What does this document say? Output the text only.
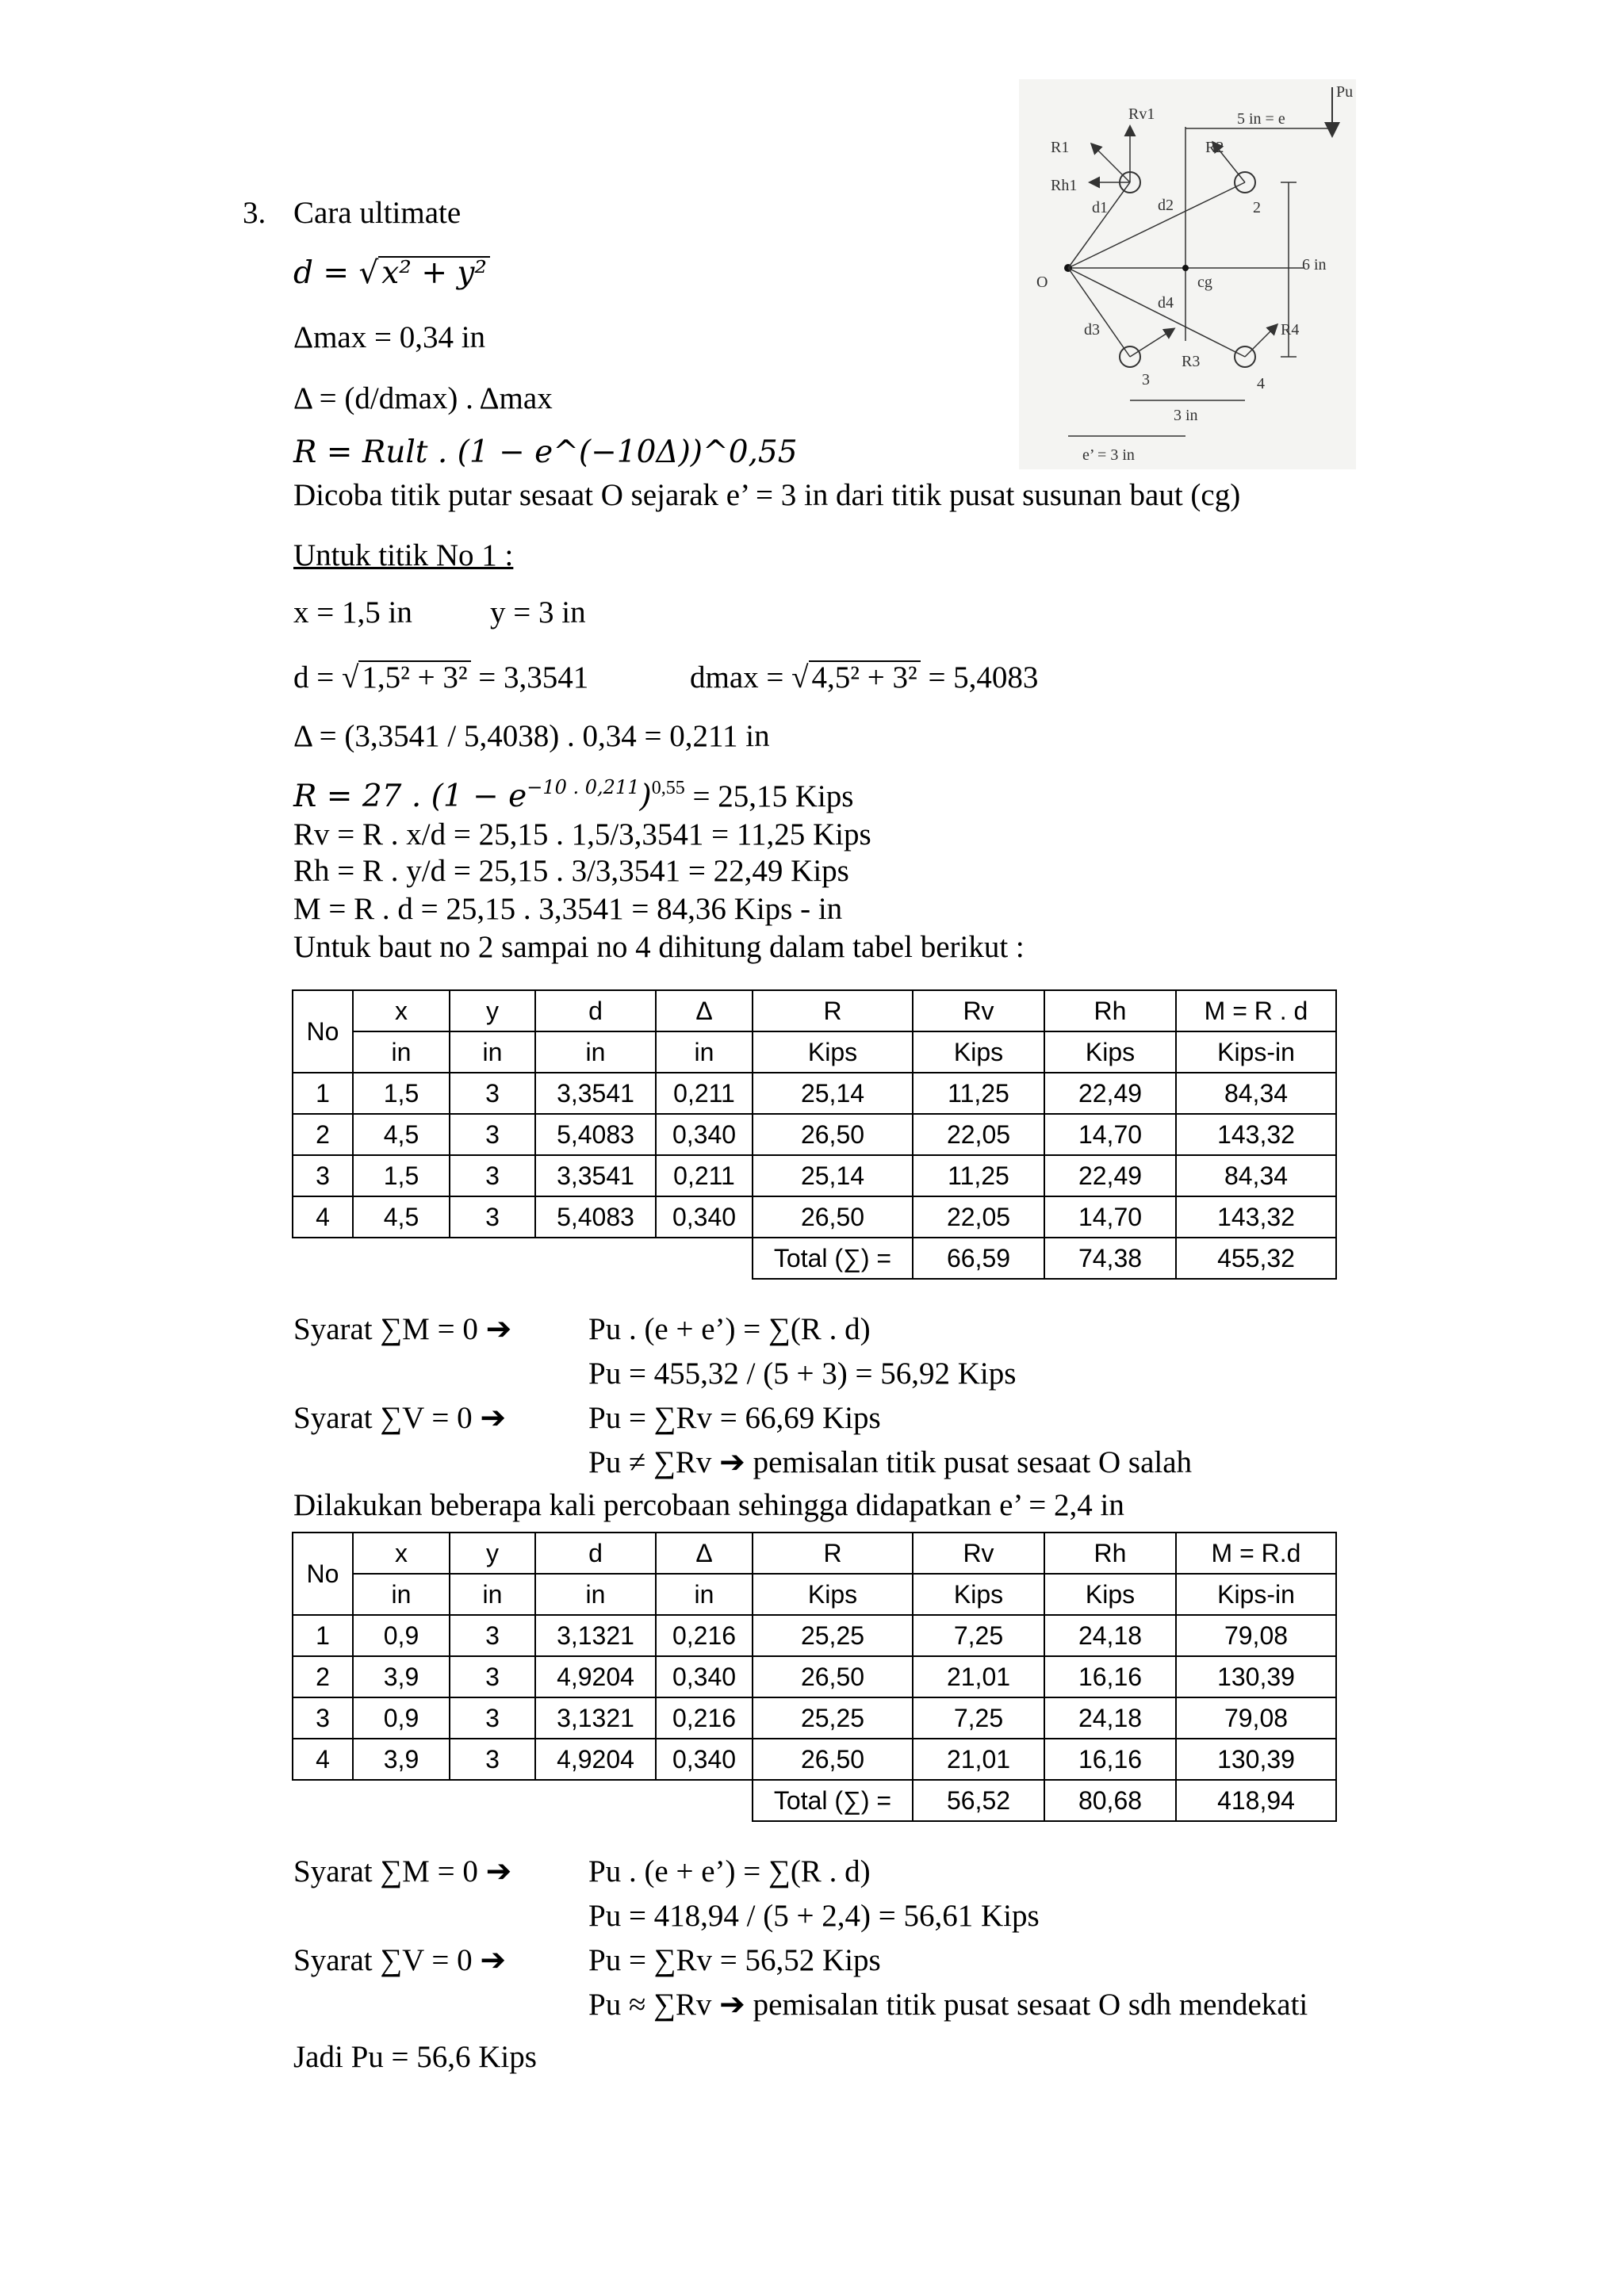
3. Cara ultimate
d = √ x² + y²
Δmax = 0,34 in
Δ = (d/dmax) . Δmax
R = Rult . (1 − e^(−10Δ))^0,55
Dicoba titik putar sesaat O sejarak e’ = 3 in dari titik pusat susunan baut (cg)
Untuk titik No 1 :
x = 1,5 in	y = 3 in
d = √ 1,5² + 3² = 3,3541	dmax = √ 4,5² + 3² = 5,4083
Δ = (3,3541 / 5,4038) . 0,34 = 0,211 in
R = 27 . $(1 - e^{-10 . 0,211})^{0,55} = 25,15$ Kips
Rv = R . x/d = 25,15 . 1,5/3,3541 = 11,25 Kips
Rh = R . y/d = 25,15 . 3/3,3541 = 22,49 Kips
M = R . d = 25,15 . 3,3541 = 84,36 Kips - in
Untuk baut no 2 sampai no 4 dihitung dalam tabel berikut :
No	x	y	d	Δ	R	Rv	Rh	M = R . d
	in	in	in	in	Kips	Kips	Kips	Kips-in
1	1,5	3	3,3541	0,211	25,14	11,25	22,49	84,34
2	4,5	3	5,4083	0,340	26,50	22,05	14,70	143,32
3	1,5	3	3,3541	0,211	25,14	11,25	22,49	84,34
4	4,5	3	5,4083	0,340	26,50	22,05	14,70	143,32
					Total (∑) =	66,59	74,38	455,32
Syarat ∑M = 0 ➔ Pu . (e + e’) = ∑(R . d)
Pu = 455,32 / (5 + 3) = 56,92 Kips
Syarat ∑V = 0 ➔	Pu = ∑Rv = 66,69 Kips
Pu ≠ ∑Rv ➔ pemisalan titik pusat sesaat O salah
Dilakukan beberapa kali percobaan sehingga didapatkan e’ = 2,4 in
No	x	y	d	Δ	R	Rv	Rh	M = R.d
	in	in	in	in	Kips	Kips	Kips	Kips-in
1	0,9	3	3,1321	0,216	25,25	7,25	24,18	79,08
2	3,9	3	4,9204	0,340	26,50	21,01	16,16	130,39
3	0,9	3	3,1321	0,216	25,25	7,25	24,18	79,08
4	3,9	3	4,9204	0,340	26,50	21,01	16,16	130,39
					Total (∑) =	56,52	80,68	418,94
Syarat ∑M = 0 ➔ Pu . (e + e’) = ∑(R . d)
Pu = 418,94 / (5 + 2,4) = 56,61 Kips
Syarat ∑V = 0 ➔	Pu = ∑Rv = 56,52 Kips
Pu ≈ ∑Rv ➔ pemisalan titik pusat sesaat O sdh mendekati
Jadi Pu = 56,6 Kips
Pu
5 in = e
O	cg
d1	d2
d3
d4
R1
Rv1
Rh1
R2
2
R3
3
R4
4
6 in
3 in
e’ = 3 in
